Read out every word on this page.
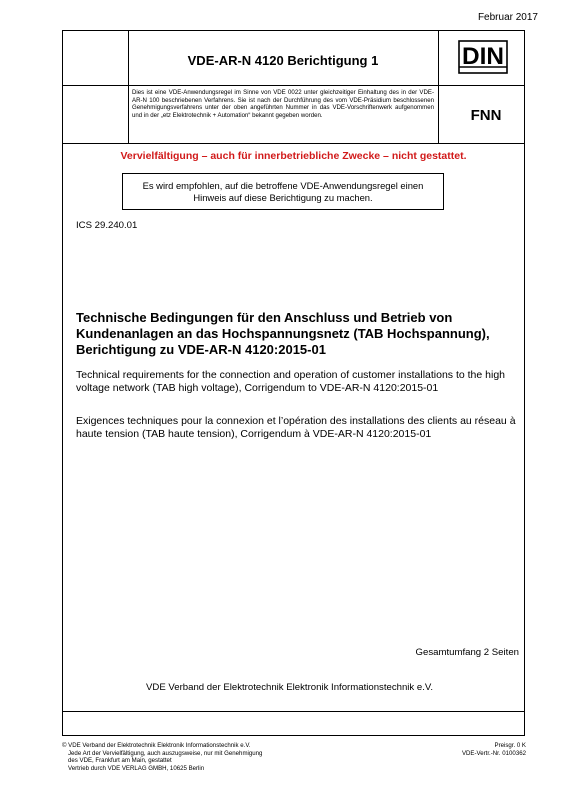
Februar 2017
VDE-AR-N 4120 Berichtigung 1	DIN
Dies ist eine VDE-Anwendungsregel im Sinne von VDE 0022 unter gleichzeitiger Einhaltung des in der VDE-AR-N 100 beschriebenen Verfahrens. Sie ist nach der Durchführung des vom VDE-Präsidium beschlossenen Genehmigungsverfahrens unter der oben angeführten Nummer in das VDE-Vorschriftenwerk aufgenommen und in der „etz Elektrotechnik + Automation“ bekannt gegeben worden.	FNN
Vervielfältigung – auch für innerbetriebliche Zwecke – nicht gestattet.
Es wird empfohlen, auf die betroffene VDE-Anwendungsregel einen Hinweis auf diese Berichtigung zu machen.
ICS 29.240.01
Technische Bedingungen für den Anschluss und Betrieb von Kundenanlagen an das Hochspannungsnetz (TAB Hochspannung), Berichtigung zu VDE-AR-N 4120:2015-01
Technical requirements for the connection and operation of customer installations to the high voltage network (TAB high voltage), Corrigendum to VDE-AR-N 4120:2015-01
Exigences techniques pour la connexion et l’opération des installations des clients au réseau à haute tension (TAB haute tension), Corrigendum à VDE-AR-N 4120:2015-01
Gesamtumfang 2 Seiten
VDE Verband der Elektrotechnik Elektronik Informationstechnik e.V.
© VDE Verband der Elektrotechnik Elektronik Informationstechnik e.V.
Jede Art der Vervielfältigung, auch auszugsweise, nur mit Genehmigung
des VDE, Frankfurt am Main, gestattet
Vertrieb durch VDE VERLAG GMBH, 10625 Berlin
Preisgr. 0 K
VDE-Vertr.-Nr. 0100362
